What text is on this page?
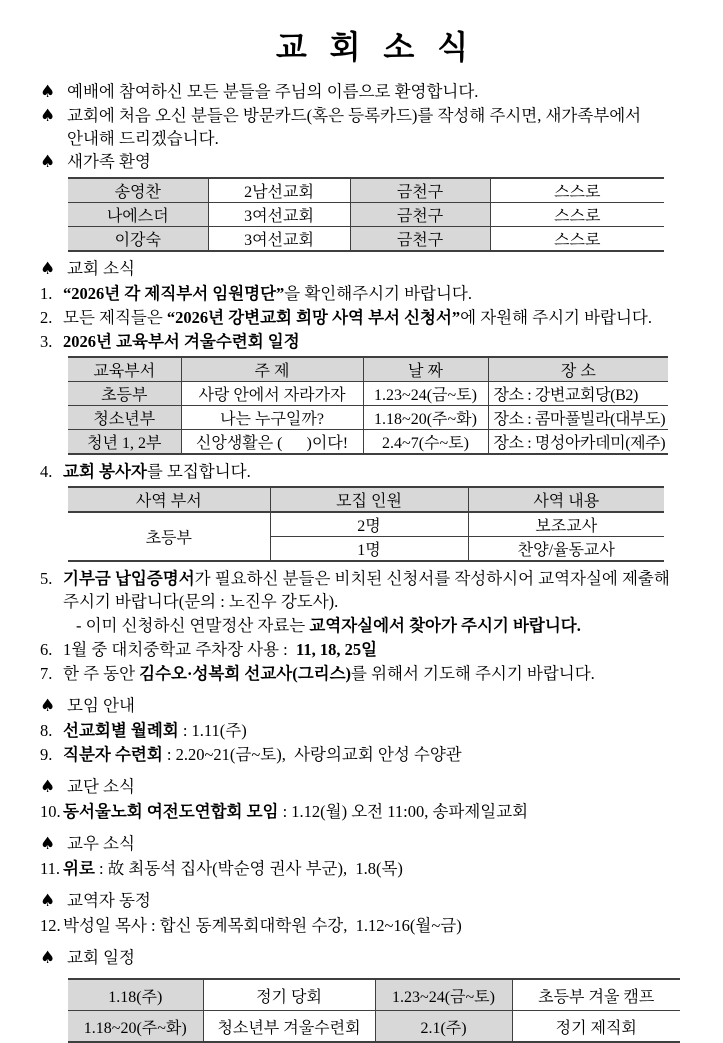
교 회 소 식
♠ 예배에 참여하신 모든 분들을 주님의 이름으로 환영합니다.
♠ 교회에 처음 오신 분들은 방문카드(혹은 등록카드)를 작성해 주시면, 새가족부에서
안내해 드리겠습니다.
♠ 새가족 환영
송영찬	2남선교회	금천구	스스로
나에스더	3여선교회	금천구	스스로
이강숙	3여선교회	금천구	스스로
♠ 교회 소식
1. “2026년 각 제직부서 임원명단”을 확인해주시기 바랍니다.
2. 모든 제직들은 “2026년 강변교회 희망 사역 부서 신청서”에 자원해 주시기 바랍니다.
3. 2026년 교육부서 겨울수련회 일정
교육부서	주 제	날 짜	장 소
초등부	사랑 안에서 자라가자	1.23~24(금~토)	장소 : 강변교회당(B2)
청소년부	나는 누구일까?	1.18~20(주~화)	장소 : 콤마풀빌라(대부도)
청년 1, 2부	신앙생활은 (      )이다!	2.4~7(수~토)	장소 : 명성아카데미(제주)
4. 교회 봉사자를 모집합니다.
사역 부서	모집 인원	사역 내용
초등부	2명	보조교사
	1명	찬양/율동교사
5. 기부금 납입증명서가 필요하신 분들은 비치된 신청서를 작성하시어 교역자실에 제출해
주시기 바랍니다(문의 : 노진우 강도사).
- 이미 신청하신 연말정산 자료는 교역자실에서 찾아가 주시기 바랍니다.
6. 1월 중 대치중학교 주차장 사용 :  11, 18, 25일
7. 한 주 동안 김수오·성복희 선교사(그리스)를 위해서 기도해 주시기 바랍니다.
♠ 모임 안내
8. 선교회별 월례회 : 1.11(주)
9. 직분자 수련회 : 2.20~21(금~토),  사랑의교회 안성 수양관
♠ 교단 소식
10. 동서울노회 여전도연합회 모임 : 1.12(월) 오전 11:00, 송파제일교회
♠ 교우 소식
11. 위로 : 故 최동석 집사(박순영 권사 부군),  1.8(목)
♠ 교역자 동정
12. 박성일 목사 : 합신 동계목회대학원 수강,  1.12~16(월~금)
♠ 교회 일정
1.18(주)	정기 당회	1.23~24(금~토)	초등부 겨울 캠프
1.18~20(주~화)	청소년부 겨울수련회	2.1(주)	정기 제직회
